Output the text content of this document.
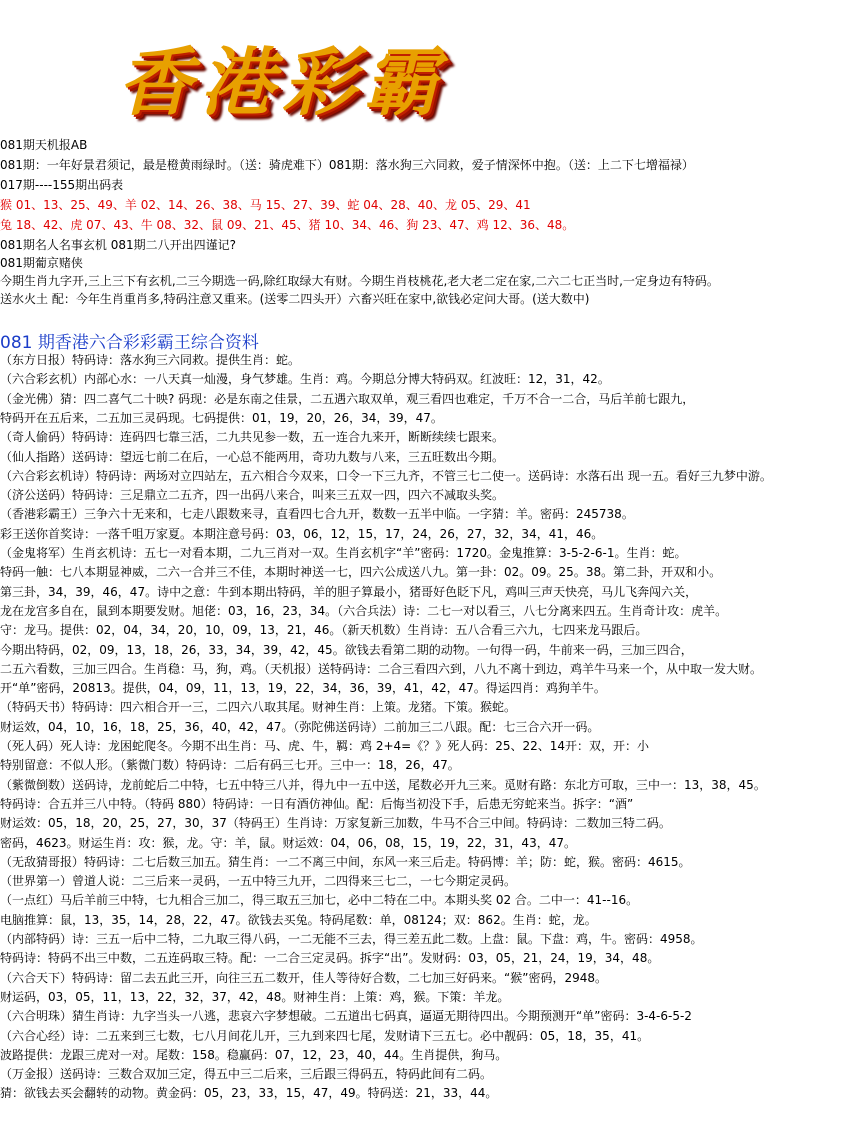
香港彩霸
081期天机报AB
081期：一年好景君须记，最是橙黄雨绿时。（送：骑虎难下）081期：落水狗三六同救，爱子情深怀中抱。（送：上二下七增福禄）
017期----155期出码表
猴 01、13、25、49、羊 02、14、26、38、马 15、27、39、蛇 04、28、40、龙 05、29、41
兔 18、42、虎 07、43、牛 08、32、鼠 09、21、45、猪 10、34、46、狗 23、47、鸡 12、36、48。
081期名人名事玄机 081期二八开出四谨记?
081期葡京赌侠
今期生肖九字开,三上三下有玄机,二三今期选一码,除红取绿大有财。今期生肖枝桃花,老大老二定在家,二六二七正当时,一定身边有特码。
送水火土 配：今年生肖重肖多,特码注意又重来。(送零二四头开）六畜兴旺在家中,欲钱必定问大哥。(送大数中)
081 期香港六合彩彩霸王综合资料
（东方日报）特码诗：落水狗三六同救。提供生肖：蛇。
（六合彩玄机）内部心水：一八天真一灿漫，身气梦雄。生肖：鸡。今期总分博大特码双。红波旺：12，31，42。
（金光佛）猜：四二喜气二十映? 码现：必是东南之佳景，二五遇六取双单，观三看四也难定，千万不合一二合，马后羊前七跟九，
特码开在五后来，二五加三灵码现。七码提供：01，19，20，26，34，39，47。
（奇人偷码）特码诗：连码四七靠三活，二九共见参一数，五一连合九来开，断断续续七跟来。
（仙人指路）送码诗：望远七前二在后，一心总不能两用，奇功九数与八来，三五旺数出今期。
（六合彩玄机诗）特码诗：两场对立四站左，五六相合今双来，口令一下三九齐，不管三七二使一。送码诗：水落石出 现一五。看好三九梦中游。
（济公送码）特码诗：三足鼎立二五齐，四一出码八来合，叫来三五双一四，四六不减取头奖。
（香港彩霸王）三争六十无来和，七走八跟数来寻，直看四七合九开，数数一五半中临。一字猜：羊。密码：245738。
彩王送你首奖诗：一落千咀万家夏。本期注意号码：03，06，12，15，17，24，26，27，32，34，41，46。
（金鬼将军）生肖玄机诗：五七一对看本期，二九三肖对一双。生肖玄机字“羊”密码：1720。金鬼推算：3-5-2-6-1。生肖：蛇。
特码一触：七八本期显神威，二六一合并三不佳，本期时神送一七，四六公成送八九。第一卦：02。09。25。38。第二卦，开双和小。
第三卦，34，39，46，47。诗中之意：牛到本期出特码，羊的胆子算最小，猪哥好色眨下凡，鸡叫三声天快亮，马儿飞奔闯六关，
龙在龙宫多自在，鼠到本期要发财。旭佬：03，16，23，34。（六合兵法）诗：二七一对以看三，八七分离来四五。生肖奇计攻：虎羊。
守：龙马。提供：02，04，34，20，10，09，13，21，46。（新天机数）生肖诗：五八合看三六九，七四来龙马跟后。
今期出特码，02，09，13，18，26，33，34，39，42，45。欲钱去看第二期的动物。一句得一码，牛前来一码，三加三四合，
二五六看数，三加三四合。生肖稳：马，狗，鸡。（天机报）送特码诗：二合三看四六到，八九不离十到边，鸡羊牛马来一个，从中取一发大财。
开“单”密码，20813。提供，04，09，11，13，19，22，34，36，39，41，42，47。得运四肖：鸡狗羊牛。
（特码天书）特码诗：四六相合开一三，二四六八取其尾。财神生肖：上策。龙猪。下策。猴蛇。
财运效，04，10，16，18，25，36，40，42，47。（弥陀佛送码诗）二前加三二八跟。配：七三合六开一码。
（死人码）死人诗：龙困蛇爬冬。今期不出生肖：马、虎、牛，羁：鸡 2+4=《？》死人码：25、22、14开：双，开：小
特别留意：不似人形。（紫微门数）特码诗：二后有码三七开。三中一：18，26，47。
（紫微倒数）送码诗，龙前蛇后二中特，七五中特三八并，得九中一五中送，尾数必开九三来。觅财有路：东北方可取，三中一：13，38，45。
特码诗：合五并三八中特。（特码 880）特码诗：一日有酒仿神仙。配：后悔当初没下手，后患无穷蛇来当。拆字：“酒”
财运效：05，18，20，25，27，30，37（特码王）生肖诗：万家复新三加数，牛马不合三中间。特码诗：二数加三特二码。
密码，4623。财运生肖：攻：猴，龙。守：羊，鼠。财运效：04，06，08，15，19，22，31，43，47。
（无敌猜哥报）特码诗：二七后数三加五。猜生肖：一二不离三中间，东风一来三后走。特码博：羊；防：蛇，猴。密码：4615。
（世界第一）曾道人说：二三后来一灵码，一五中特三九开，二四得来三七二，一七今期定灵码。
（一点红）马后羊前三中特，七九相合三加二，得三取五三加七，必中二特在二中。本期头奖 02 合。二中一：41--16。
电脑推算：鼠，13，35，14，28，22，47。欲钱去买兔。特码尾数：单，08124；双：862。生肖：蛇，龙。
（内部特码）诗：三五一后中二特，二九取三得八码，一二无能不三去，得三差五此二数。上盘：鼠。下盘：鸡，牛。密码：4958。
特码诗：特码不出三中数，二五连码取三特。配：一二合三定灵码。拆字“出”。发财码：03，05，21，24，19，34，48。
（六合天下）特码诗：留二去五此三开，向往三五二数开，佳人等待好合数，二七加三好码来。“猴”密码，2948。
财运码，03，05，11，13，22，32，37，42，48。财神生肖：上策：鸡，猴。下策：羊龙。
（六合明珠）猜生肖诗：九字当头一八逃，悲哀六字梦想破。二五道出七码真，逼逼无期待四出。今期预测开“单”密码：3-4-6-5-2
（六合心经）诗：二五来到三七数，七八月间花儿开，三九到来四七尾，发财请下三五七。必中靓码：05，18，35，41。
波路提供：龙跟三虎对一对。尾数：158。稳赢码：07，12，23，40，44。生肖提供，狗马。
（万金报）送码诗：三数合双加三定，得五中三二后来，三后跟三得码五，特码此间有二码。
猜：欲钱去买会翻转的动物。黄金码：05，23，33，15，47，49。特码送：21，33，44。
